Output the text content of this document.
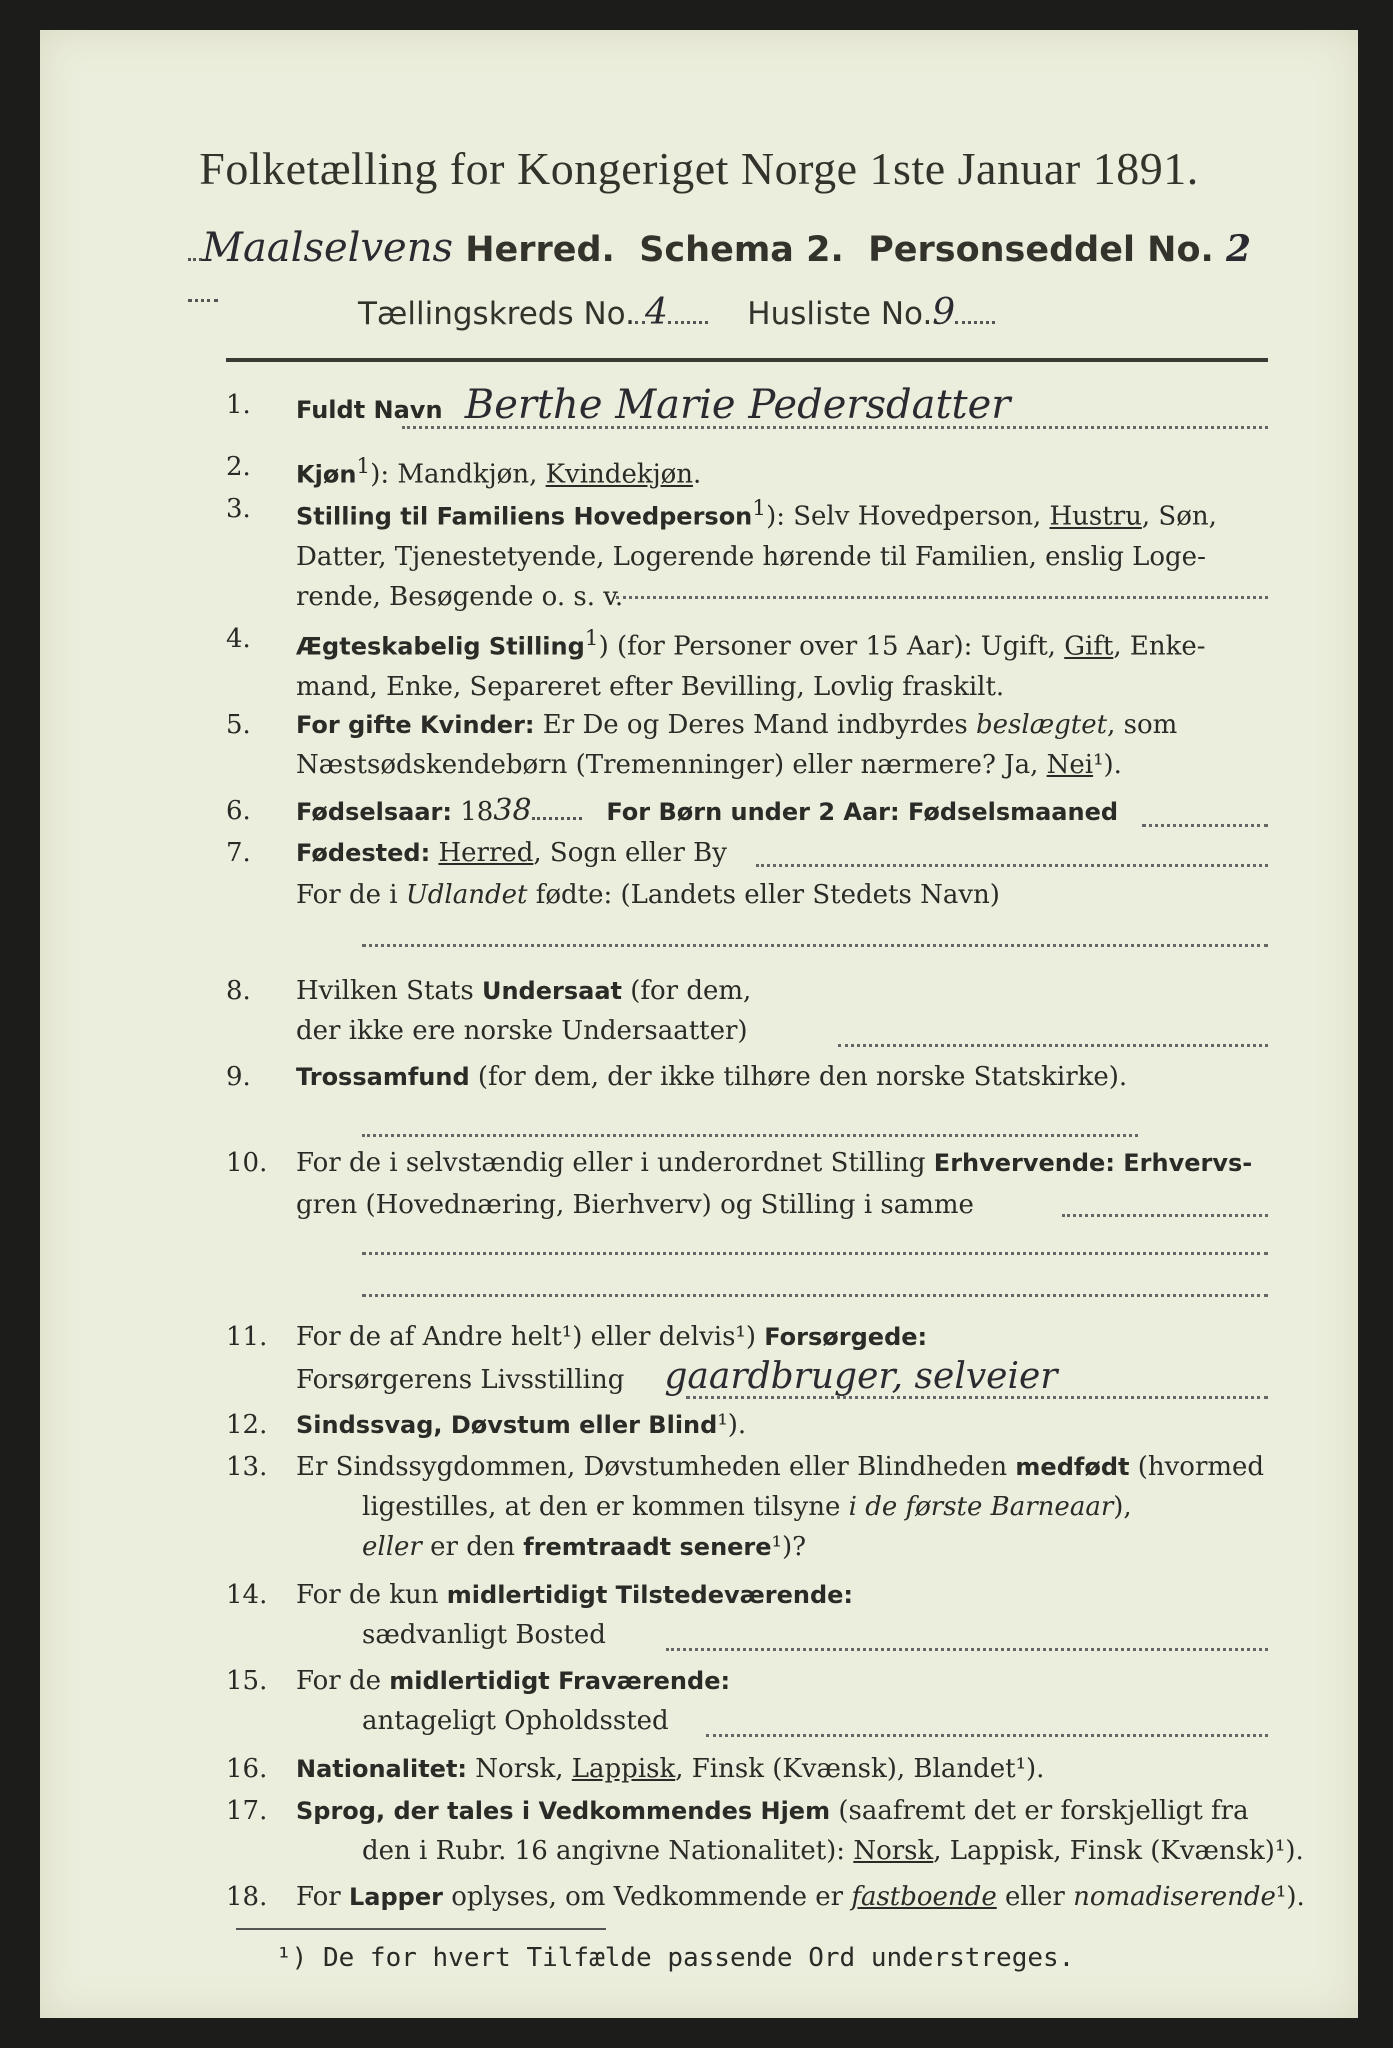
Folketælling for Kongeriget Norge 1ste Januar 1891.
Maalselvens Herred. Schema 2. Personseddel No. 2
Tællingskreds No. 4	Husliste No.9
1.	Fuldt Navn Berthe Marie Pedersdatter
2.	Kjøn$^1$): Mandkjøn, Kvindekjøn.
3.	Stilling til Familiens Hovedperson$^1$): Selv Hovedperson, Hustru, Søn,
Datter, Tjenestetyende, Logerende hørende til Familien, enslig Loge-
rende, Besøgende o. s. v.
4.	Ægteskabelig Stilling$^1$) (for Personer over 15 Aar): Ugift, Gift, Enke-
mand, Enke, Separeret efter Bevilling, Lovlig fraskilt.
5.	For gifte Kvinder: Er De og Deres Mand indbyrdes beslægtet, som
Næstsødskendebørn (Tremenninger) eller nærmere? Ja, Nei¹).
6.	Fødselsaar: 1838	For Børn under 2 Aar: Fødselsmaaned
7.	Fødested: Herred, Sogn eller By
For de i Udlandet fødte: (Landets eller Stedets Navn)
8.	Hvilken Stats Undersaat (for dem,
der ikke ere norske Undersaatter)
9.	Trossamfund (for dem, der ikke tilhøre den norske Statskirke).
10.	For de i selvstændig eller i underordnet Stilling Erhvervende: Erhvervs-
gren (Hovednæring, Bierhverv) og Stilling i samme
11.	For de af Andre helt¹) eller delvis¹) Forsørgede:
Forsørgerens Livsstilling gaardbruger, selveier
12.	Sindssvag, Døvstum eller Blind¹).
13.	Er Sindssygdommen, Døvstumheden eller Blindheden medfødt (hvormed
ligestilles, at den er kommen tilsyne i de første Barneaar),
eller er den fremtraadt senere¹)?
14.	For de kun midlertidigt Tilstedeværende:
sædvanligt Bosted
15.	For de midlertidigt Fraværende:
antageligt Opholdssted
16.	Nationalitet: Norsk, Lappisk, Finsk (Kvænsk), Blandet¹).
17.	Sprog, der tales i Vedkommendes Hjem (saafremt det er forskjelligt fra
den i Rubr. 16 angivne Nationalitet): Norsk, Lappisk, Finsk (Kvænsk)¹).
18.	For Lapper oplyses, om Vedkommende er fastboende eller nomadiserende¹).
¹) De for hvert Tilfælde passende Ord understreges.
